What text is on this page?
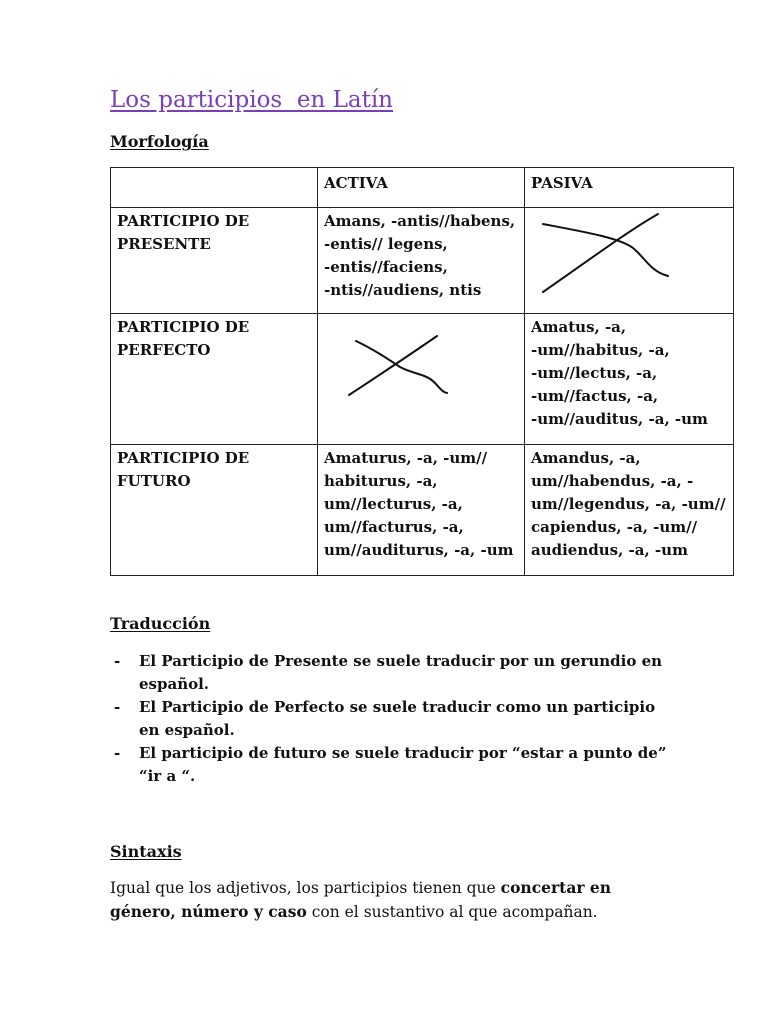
Los participios  en Latín
Morfología

	ACTIVA	PASIVA

PARTICIPIO DE
PRESENTE	Amans, -antis//habens,
-entis// legens,
-entis//faciens,
-ntis//audiens, ntis

PARTICIPIO DE
PERFECTO		Amatus, -a,
-um//habitus, -a,
-um//lectus, -a,
-um//factus, -a,
-um//auditus, -a, -um

PARTICIPIO DE
FUTURO	Amaturus, -a, -um//
habiturus, -a,
um//lecturus, -a,
um//facturus, -a,
um//auditurus, -a, -um	Amandus, -a,
um//habendus, -a, -
um//legendus, -a, -um//
capiendus, -a, -um//
audiendus, -a, -um
Traducción
- El Participio de Presente se suele traducir por un gerundio en
español.
- El Participio de Perfecto se suele traducir como un participio
en español.
- El participio de futuro se suele traducir por “estar a punto de”
“ir a “.
Sintaxis

Igual que los adjetivos, los participios tienen que concertar en
género, número y caso con el sustantivo al que acompañan.
